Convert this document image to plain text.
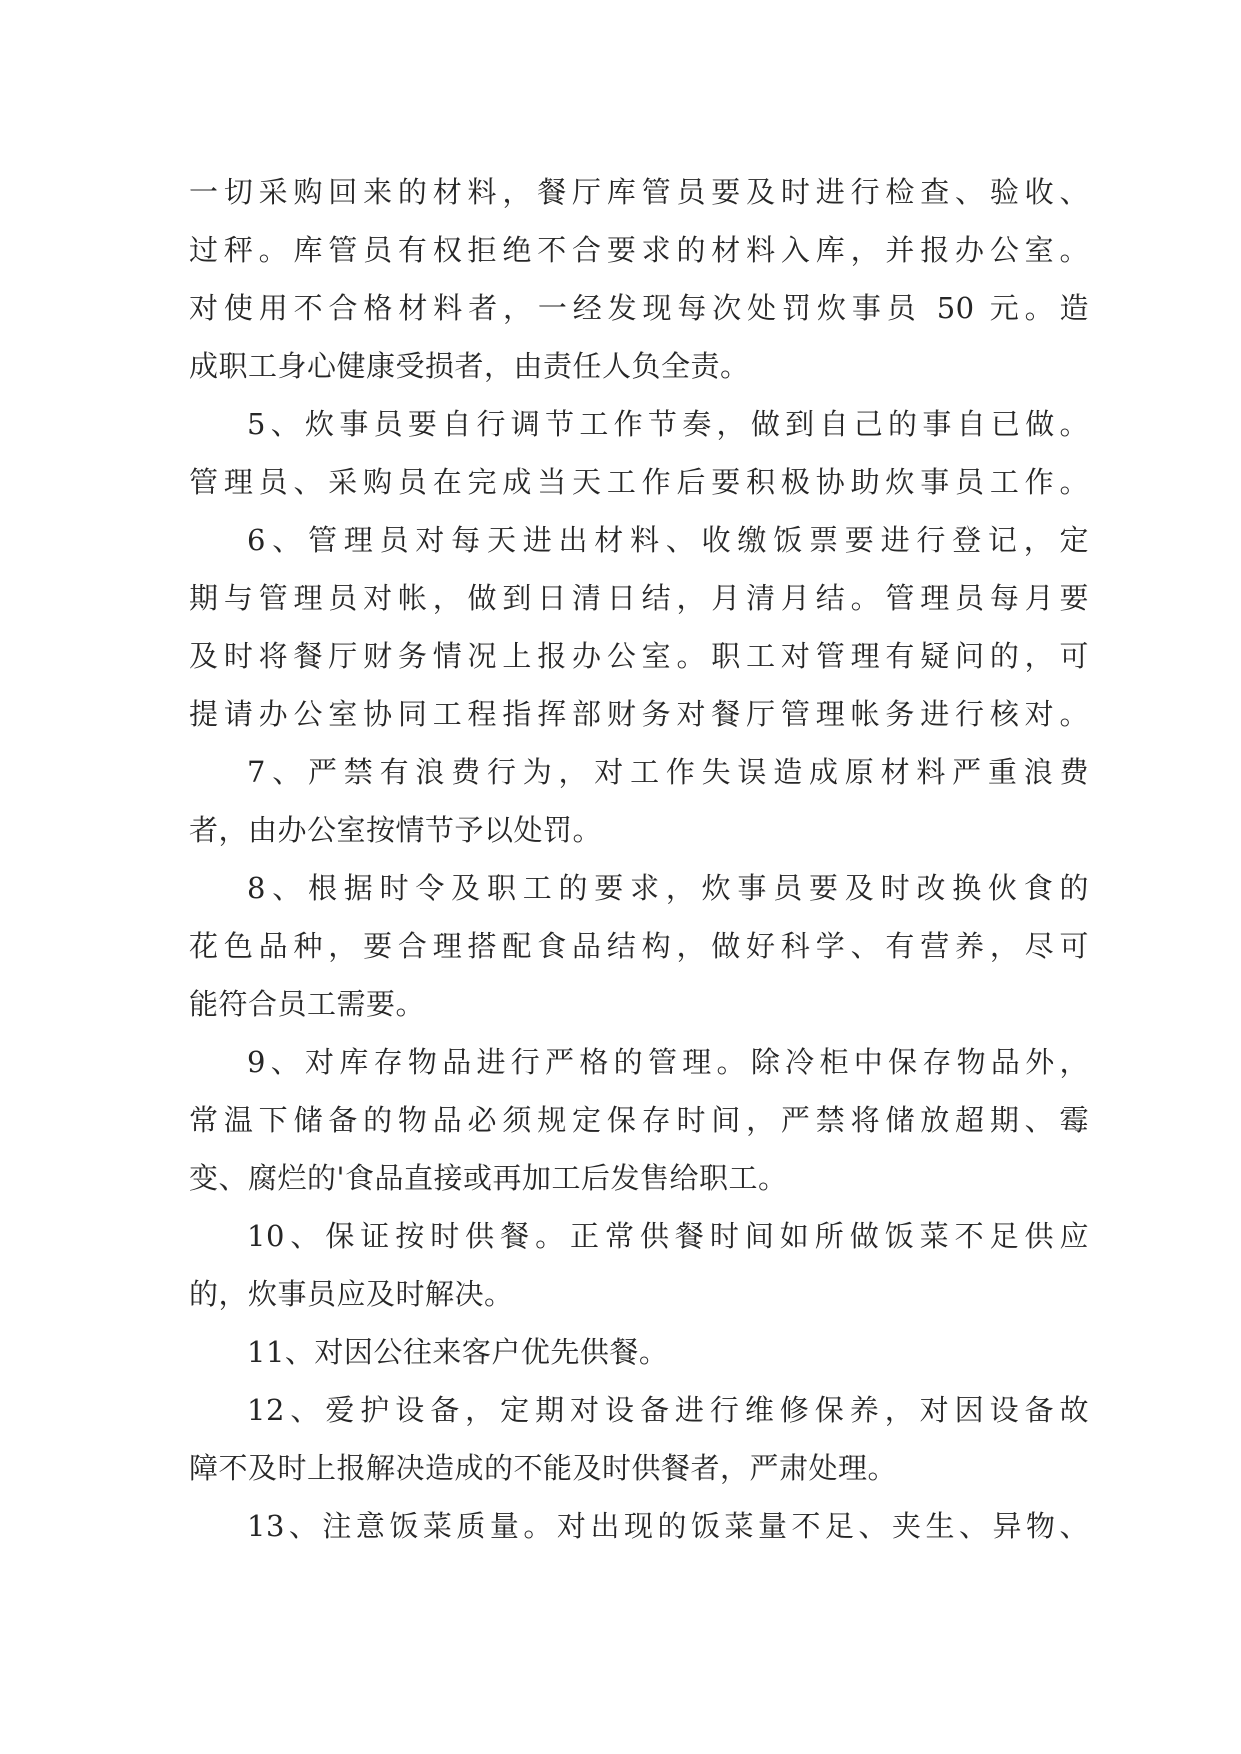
一切采购回来的材料，餐厅库管员要及时进行检查、验收、
过秤。库管员有权拒绝不合要求的材料入库，并报办公室。
对使用不合格材料者，一经发现每次处罚炊事员 50 元。造
成职工身心健康受损者，由责任人负全责。
5、炊事员要自行调节工作节奏，做到自己的事自已做。
管理员、采购员在完成当天工作后要积极协助炊事员工作。
6、管理员对每天进出材料、收缴饭票要进行登记，定
期与管理员对帐，做到日清日结，月清月结。管理员每月要
及时将餐厅财务情况上报办公室。职工对管理有疑问的，可
提请办公室协同工程指挥部财务对餐厅管理帐务进行核对。
7、严禁有浪费行为，对工作失误造成原材料严重浪费
者，由办公室按情节予以处罚。
8、根据时令及职工的要求，炊事员要及时改换伙食的
花色品种，要合理搭配食品结构，做好科学、有营养，尽可
能符合员工需要。
9、对库存物品进行严格的管理。除冷柜中保存物品外，
常温下储备的物品必须规定保存时间，严禁将储放超期、霉
变、腐烂的'食品直接或再加工后发售给职工。
10、保证按时供餐。正常供餐时间如所做饭菜不足供应
的，炊事员应及时解决。
11、对因公往来客户优先供餐。
12、爱护设备，定期对设备进行维修保养，对因设备故
障不及时上报解决造成的不能及时供餐者，严肃处理。
13、注意饭菜质量。对出现的饭菜量不足、夹生、异物、
